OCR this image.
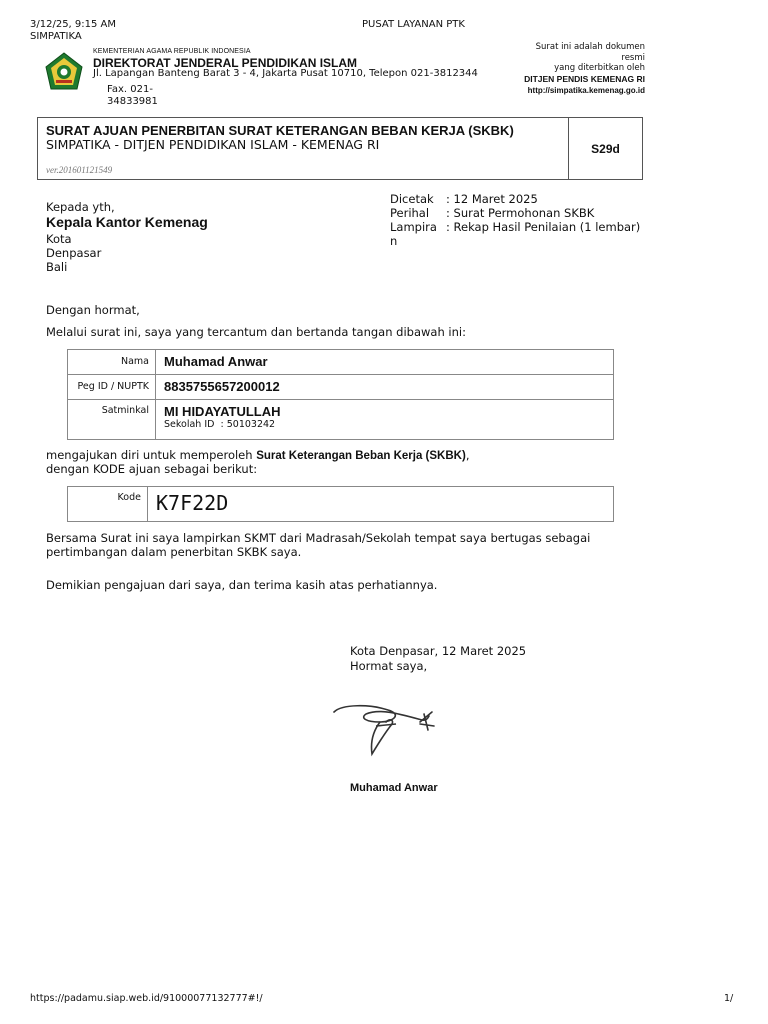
3/12/25, 9:15 AM
SIMPATIKA
PUSAT LAYANAN PTK
KEMENTERIAN AGAMA REPUBLIK INDONESIA
DIREKTORAT JENDERAL PENDIDIKAN ISLAM
Jl. Lapangan Banteng Barat 3 - 4, Jakarta Pusat 10710, Telepon 021-3812344
Fax. 021-
34833981
Surat ini adalah dokumen
resmi
yang diterbitkan oleh
DITJEN PENDIS KEMENAG RI
http://simpatika.kemenag.go.id
SURAT AJUAN PENERBITAN SURAT KETERANGAN BEBAN KERJA (SKBK)
SIMPATIKA - DITJEN PENDIDIKAN ISLAM - KEMENAG RI
ver.201601121549
S29d
Kepada yth,
Kepala Kantor Kemenag
Kota
Denpasar
Bali
Dicetak	: 12 Maret 2025
Perihal	: Surat Permohonan SKBK

Lampira
n	: Rekap Hasil Penilaian (1 lembar)
Dengan hormat,
Melalui surat ini, saya yang tercantum dan bertanda tangan dibawah ini:
Nama	Muhamad Anwar
Peg ID / NUPTK	8835755657200012
Satminkal	MI HIDAYATULLAH
Sekolah ID : 50103242
mengajukan diri untuk memperoleh Surat Keterangan Beban Kerja (SKBK),
dengan KODE ajuan sebagai berikut:
Kode K7F22D
Bersama Surat ini saya lampirkan SKMT dari Madrasah/Sekolah tempat saya bertugas sebagai
pertimbangan dalam penerbitan SKBK saya.
Demikian pengajuan dari saya, dan terima kasih atas perhatiannya.
Kota Denpasar, 12 Maret 2025
Hormat saya,
Muhamad Anwar
https://padamu.siap.web.id/91000077132777#!/	1/
